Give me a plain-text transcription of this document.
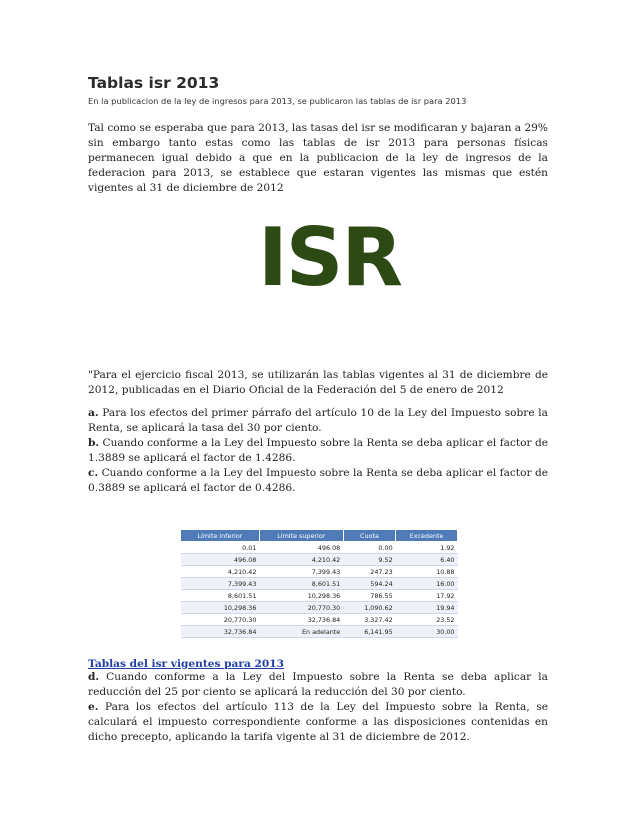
Tablas isr 2013

En la publicacion de la ley de ingresos para 2013, se publicaron las tablas de isr para 2013

Tal como se esperaba que para 2013, las tasas del isr se modificaran y bajaran a 29% sin embargo tanto estas como las tablas de isr 2013 para personas físicas permanecen igual debido a que en la publicacion de la ley de ingresos de la federacion para 2013, se establece que estaran vigentes las mismas que estén vigentes al 31 de diciembre de 2012

ISR

"Para el ejercicio fiscal 2013, se utilizarán las tablas vigentes al 31 de diciembre de 2012, publicadas en el Diario Oficial de la Federación del 5 de enero de 2012

a. Para los efectos del primer párrafo del artículo 10 de la Ley del Impuesto sobre la Renta, se aplicará la tasa del 30 por ciento.
b. Cuando conforme a la Ley del Impuesto sobre la Renta se deba aplicar el factor de 1.3889 se aplicará el factor de 1.4286.
c. Cuando conforme a la Ley del Impuesto sobre la Renta se deba aplicar el factor de 0.3889 se aplicará el factor de 0.4286.

Límite Inferior	Límite superior	Cuota	Excedente
0.01	496.08	0.00	1.92
496.08	4,210.42	9.52	6.40
4,210.42	7,399.43	247.23	10.88
7,399.43	8,601.51	594.24	16.00
8,601.51	10,298.36	786.55	17.92
10,298.36	20,770.30	1,090.62	19.94
20,770.30	32,736.84	3,327.42	23.52
32,736.84	En adelante	6,141.95	30.00
Tablas del isr vigentes para 2013

d. Cuando conforme a la Ley del Impuesto sobre la Renta se deba aplicar la reducción del 25 por ciento se aplicará la reducción del 30 por ciento.
e. Para los efectos del artículo 113 de la Ley del Impuesto sobre la Renta, se calculará el impuesto correspondiente conforme a las disposiciones contenidas en dicho precepto, aplicando la tarifa vigente al 31 de diciembre de 2012.
